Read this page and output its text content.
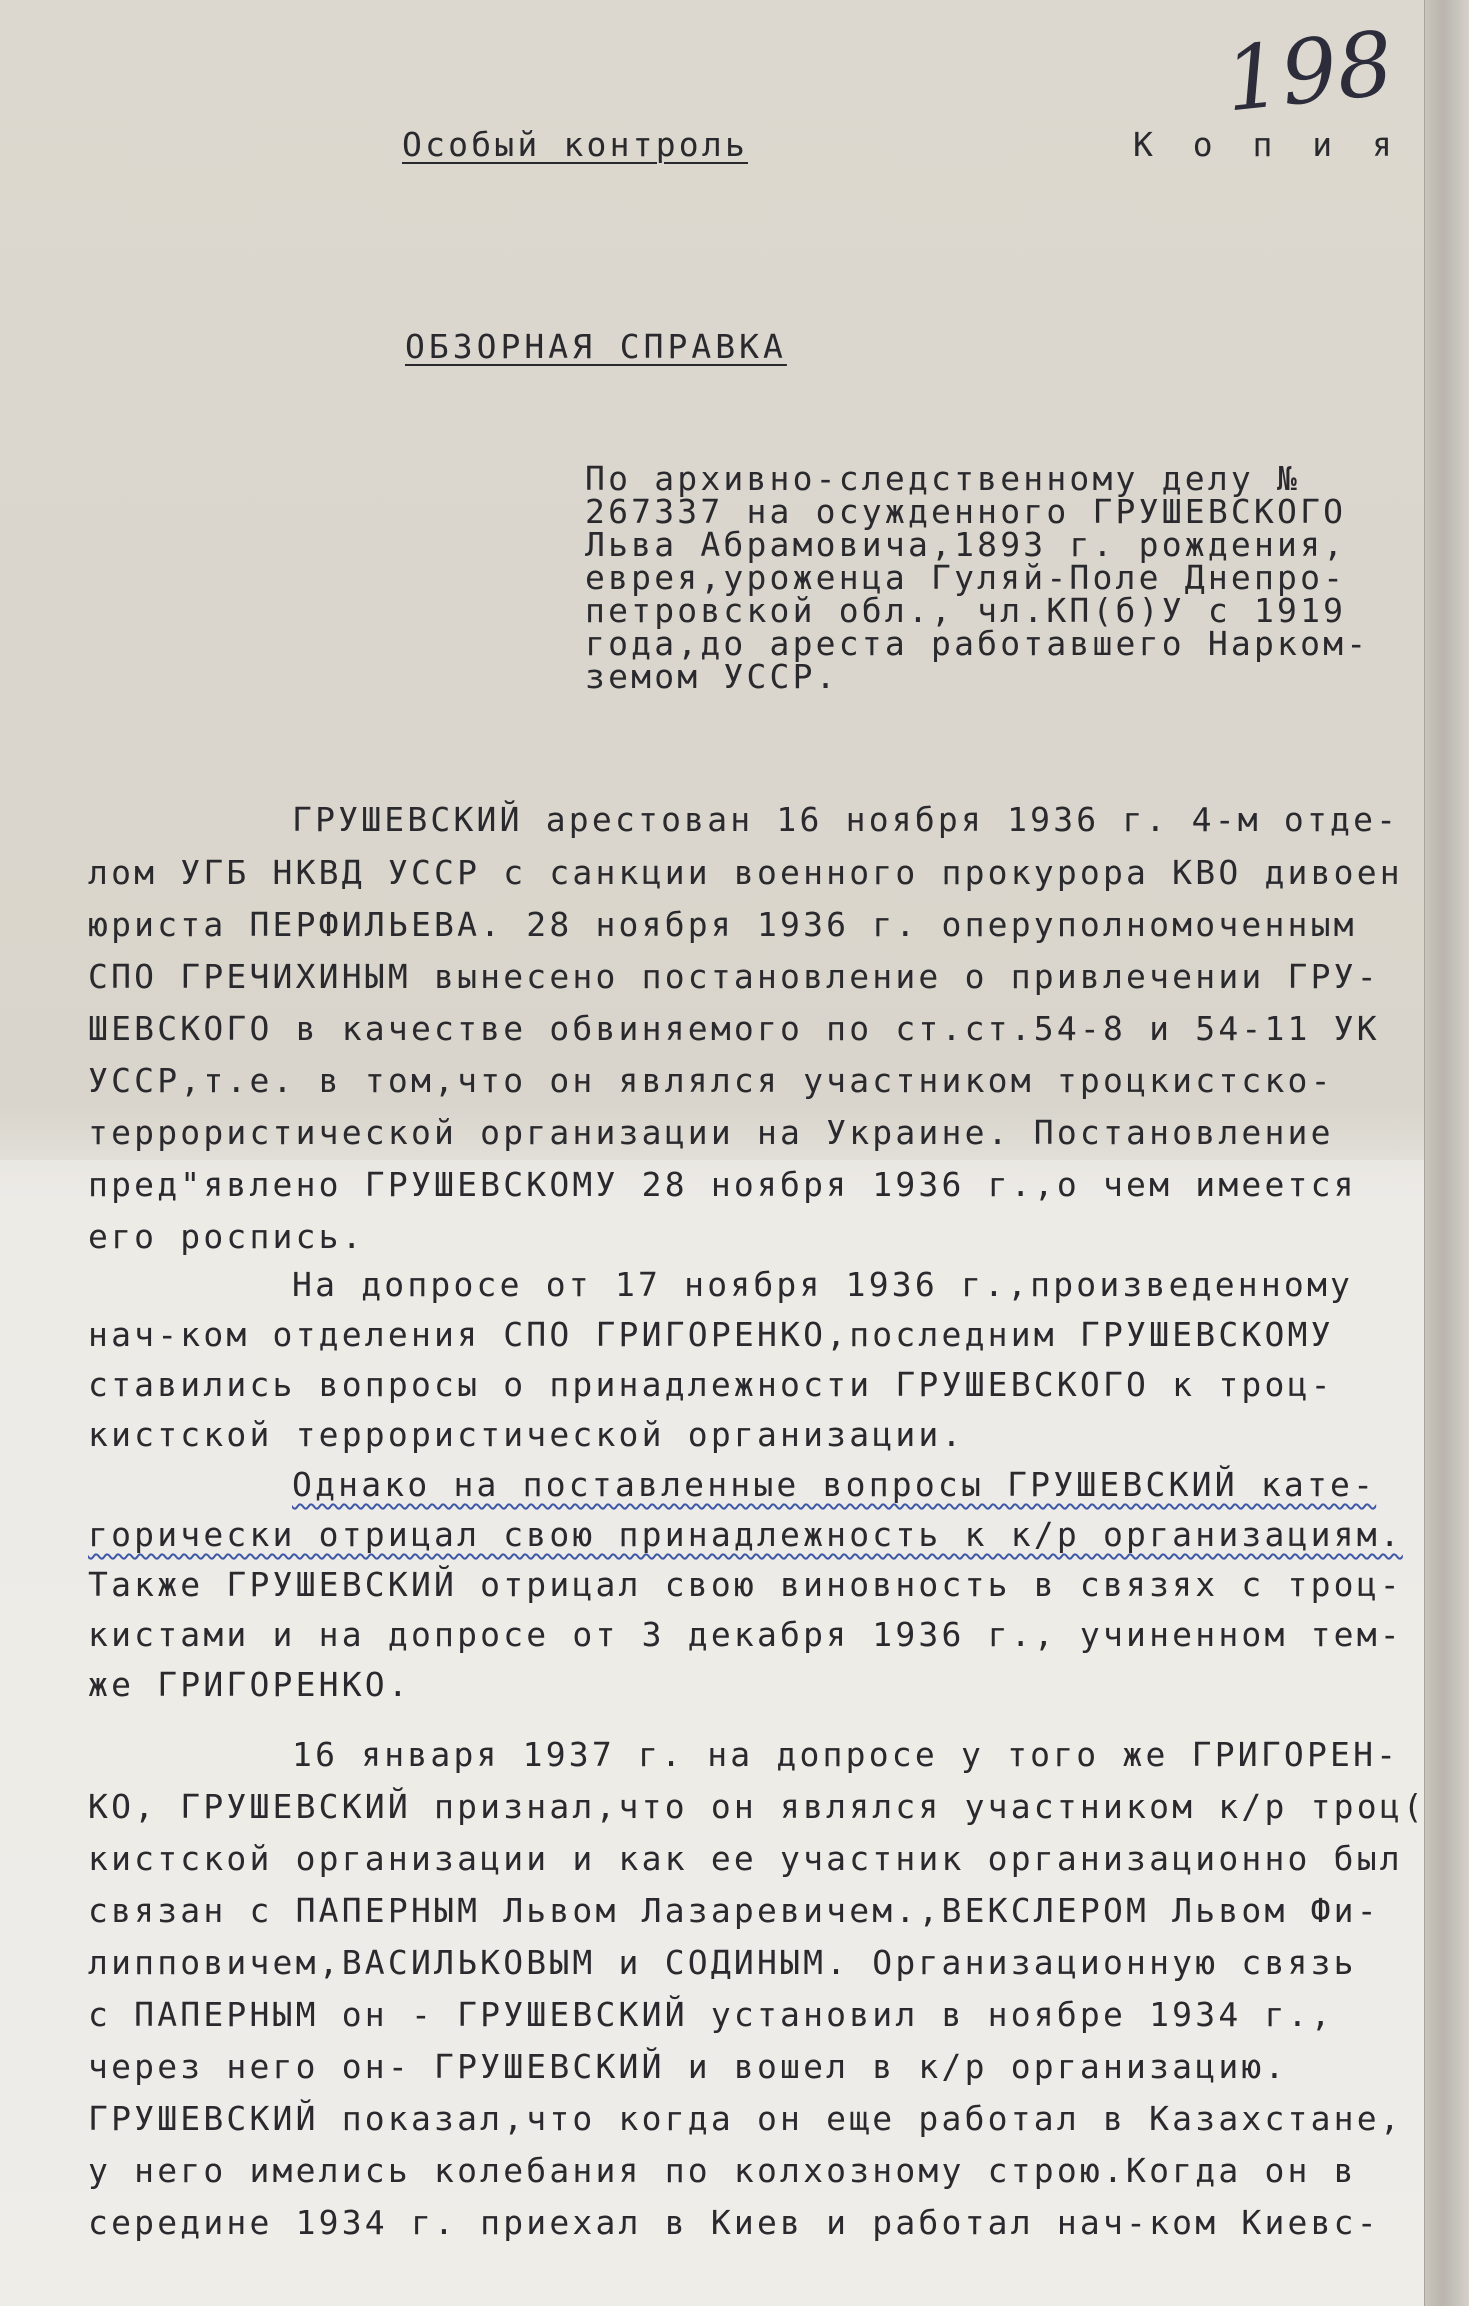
198
Особый контроль	К о п и я
ОБЗОРНАЯ СПРАВКА
По архивно-следственному делу №
267337 на осужденного ГРУШЕВСКОГО
Льва Абрамовича,1893 г. рождения,
еврея,уроженца Гуляй-Поле Днепро-
петровской обл., чл.КП(б)У с 1919
года,до ареста работавшего Нарком-
земом УССР.
ГРУШЕВСКИЙ арестован 16 ноября 1936 г. 4-м отде-
лом УГБ НКВД УССР с санкции военного прокурора КВО дивоен
юриста ПЕРФИЛЬЕВА. 28 ноября 1936 г. оперуполномоченным
СПО ГРЕЧИХИНЫМ вынесено постановление о привлечении ГРУ-
ШЕВСКОГО в качестве обвиняемого по ст.ст.54-8 и 54-11 УК
УССР,т.е. в том,что он являлся участником троцкистско-
террористической организации на Украине. Постановление
пред"явлено ГРУШЕВСКОМУ 28 ноября 1936 г.,о чем имеется
его роспись.
На допросе от 17 ноября 1936 г.,произведенному
нач-ком отделения СПО ГРИГОРЕНКО,последним ГРУШЕВСКОМУ
ставились вопросы о принадлежности ГРУШЕВСКОГО к троц-
кистской террористической организации.
Однако на поставленные вопросы ГРУШЕВСКИЙ кате-
горически отрицал свою принадлежность к к/р организациям.
Также ГРУШЕВСКИЙ отрицал свою виновность в связях с троц-
кистами и на допросе от 3 декабря 1936 г., учиненном тем-
же ГРИГОРЕНКО.
16 января 1937 г. на допросе у того же ГРИГОРЕН-
КО, ГРУШЕВСКИЙ признал,что он являлся участником к/р троц(
кистской организации и как ее участник организационно был
связан с ПАПЕРНЫМ Львом Лазаревичем.,ВЕКСЛЕРОМ Львом Фи-
липповичем,ВАСИЛЬКОВЫМ и СОДИНЫМ. Организационную связь
с ПАПЕРНЫМ он - ГРУШЕВСКИЙ установил в ноябре 1934 г.,
через него он- ГРУШЕВСКИЙ и вошел в к/р организацию.
ГРУШЕВСКИЙ показал,что когда он еще работал в Казахстане,
у него имелись колебания по колхозному строю.Когда он в
середине 1934 г. приехал в Киев и работал нач-ком Киевс-
